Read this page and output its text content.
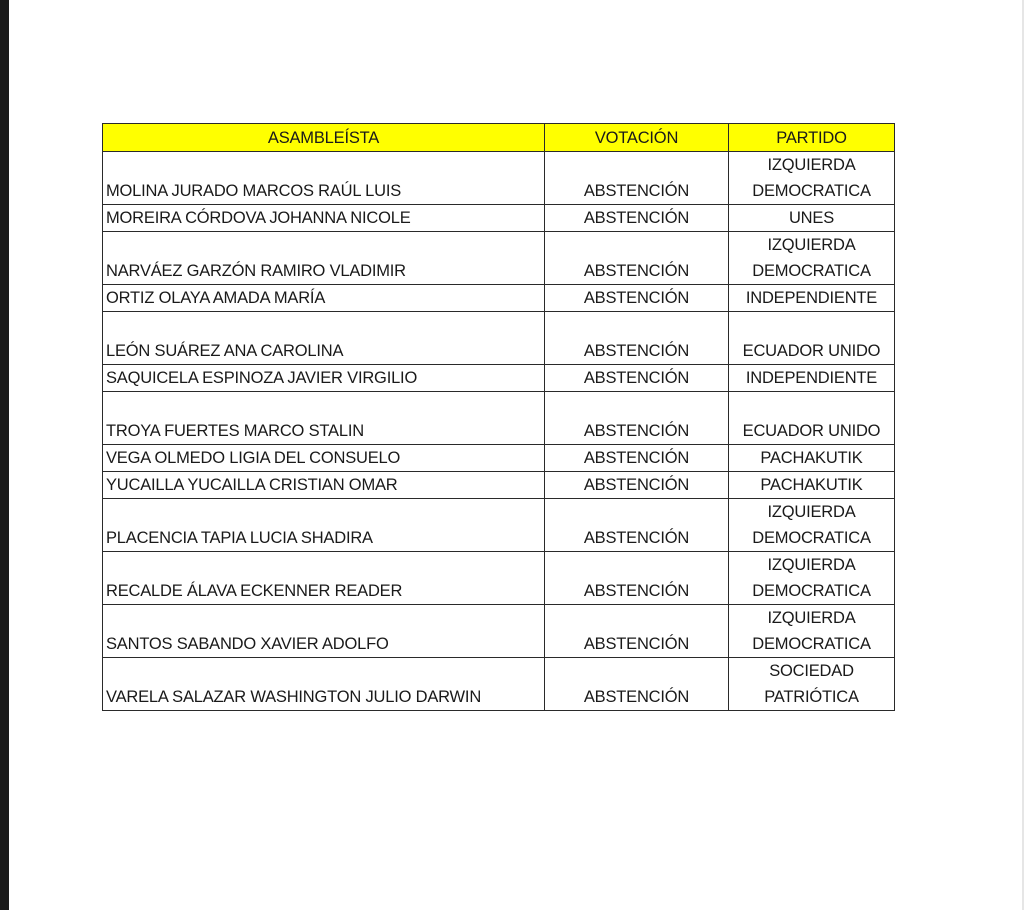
ASAMBLEÍSTA	VOTACIÓN	PARTIDO
MOLINA JURADO MARCOS RAÚL LUIS	ABSTENCIÓN	IZQUIERDA
DEMOCRATICA
MOREIRA CÓRDOVA JOHANNA NICOLE	ABSTENCIÓN	UNES
NARVÁEZ GARZÓN RAMIRO VLADIMIR	ABSTENCIÓN	IZQUIERDA
DEMOCRATICA
ORTIZ OLAYA AMADA MARÍA	ABSTENCIÓN	INDEPENDIENTE
LEÓN SUÁREZ ANA CAROLINA	ABSTENCIÓN	ECUADOR UNIDO
SAQUICELA ESPINOZA JAVIER VIRGILIO	ABSTENCIÓN	INDEPENDIENTE
TROYA FUERTES MARCO STALIN	ABSTENCIÓN	ECUADOR UNIDO
VEGA OLMEDO LIGIA DEL CONSUELO	ABSTENCIÓN	PACHAKUTIK
YUCAILLA YUCAILLA CRISTIAN OMAR	ABSTENCIÓN	PACHAKUTIK
PLACENCIA TAPIA LUCIA SHADIRA	ABSTENCIÓN	IZQUIERDA
DEMOCRATICA
RECALDE ÁLAVA ECKENNER READER	ABSTENCIÓN	IZQUIERDA
DEMOCRATICA
SANTOS SABANDO XAVIER ADOLFO	ABSTENCIÓN	IZQUIERDA
DEMOCRATICA
VARELA SALAZAR WASHINGTON JULIO DARWIN	ABSTENCIÓN	SOCIEDAD
PATRIÓTICA
